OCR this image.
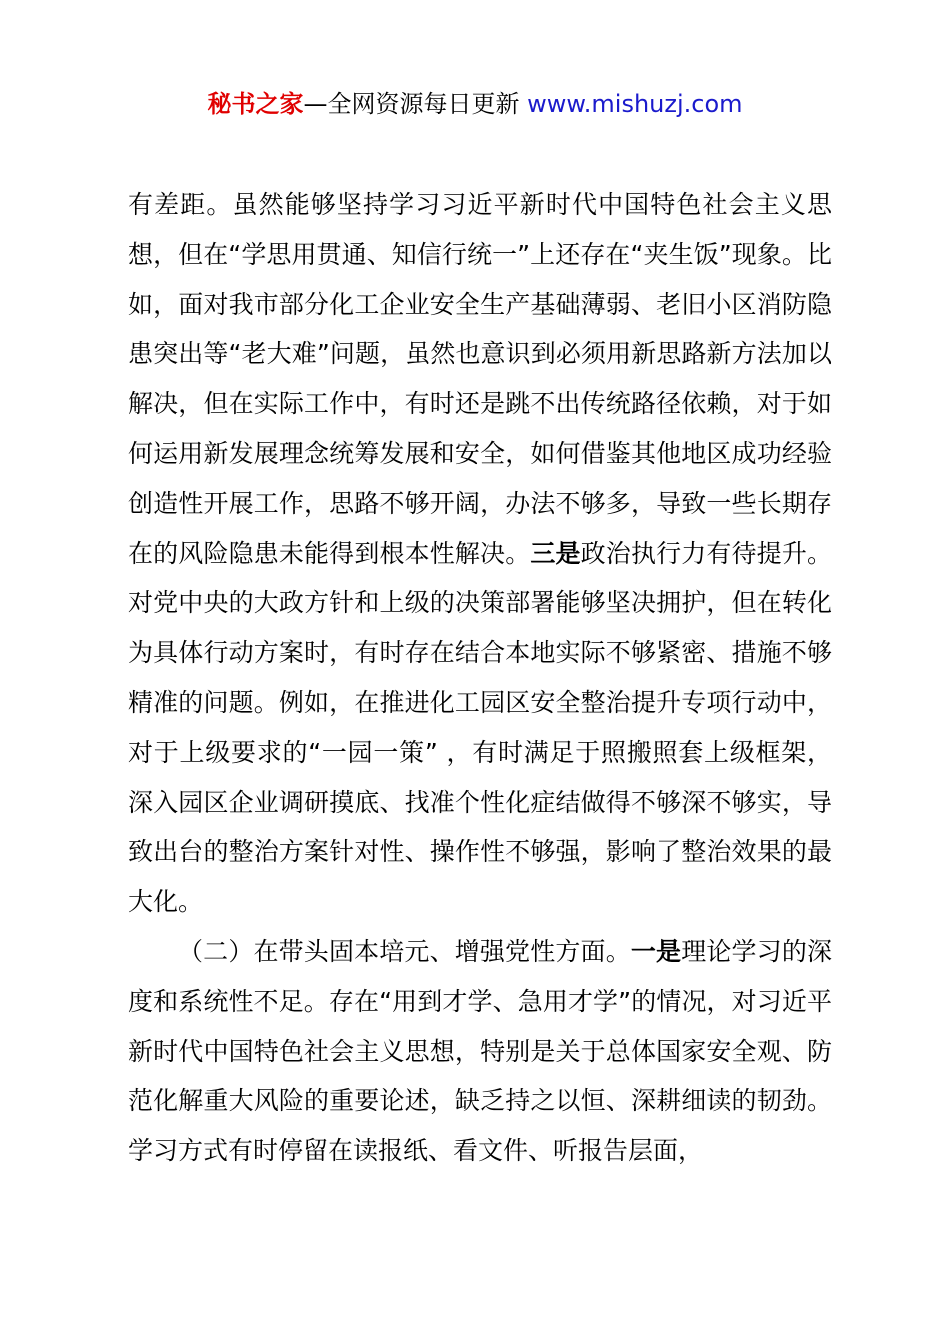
秘书之家—全网资源每日更新 www.mishuzj.com

有差距。虽然能够坚持学习习近平新时代中国特色社会主义思想，但在“学思用贯通、知信行统一”上还存在“夹生饭”现象。比如，面对我市部分化工企业安全生产基础薄弱、老旧小区消防隐患突出等“老大难”问题，虽然也意识到必须用新思路新方法加以解决，但在实际工作中，有时还是跳不出传统路径依赖，对于如何运用新发展理念统筹发展和安全，如何借鉴其他地区成功经验创造性开展工作，思路不够开阔，办法不够多，导致一些长期存在的风险隐患未能得到根本性解决。三是政治执行力有待提升。对党中央的大政方针和上级的决策部署能够坚决拥护，但在转化为具体行动方案时，有时存在结合本地实际不够紧密、措施不够精准的问题。例如，在推进化工园区安全整治提升专项行动中，对于上级要求的“一园一策” ，有时满足于照搬照套上级框架，深入园区企业调研摸底、找准个性化症结做得不够深不够实，导致出台的整治方案针对性、操作性不够强，影响了整治效果的最大化。

（二）在带头固本培元、增强党性方面。一是理论学习的深度和系统性不足。存在“用到才学、急用才学”的情况，对习近平新时代中国特色社会主义思想，特别是关于总体国家安全观、防范化解重大风险的重要论述，缺乏持之以恒、深耕细读的韧劲。学习方式有时停留在读报纸、看文件、听报告层面，
